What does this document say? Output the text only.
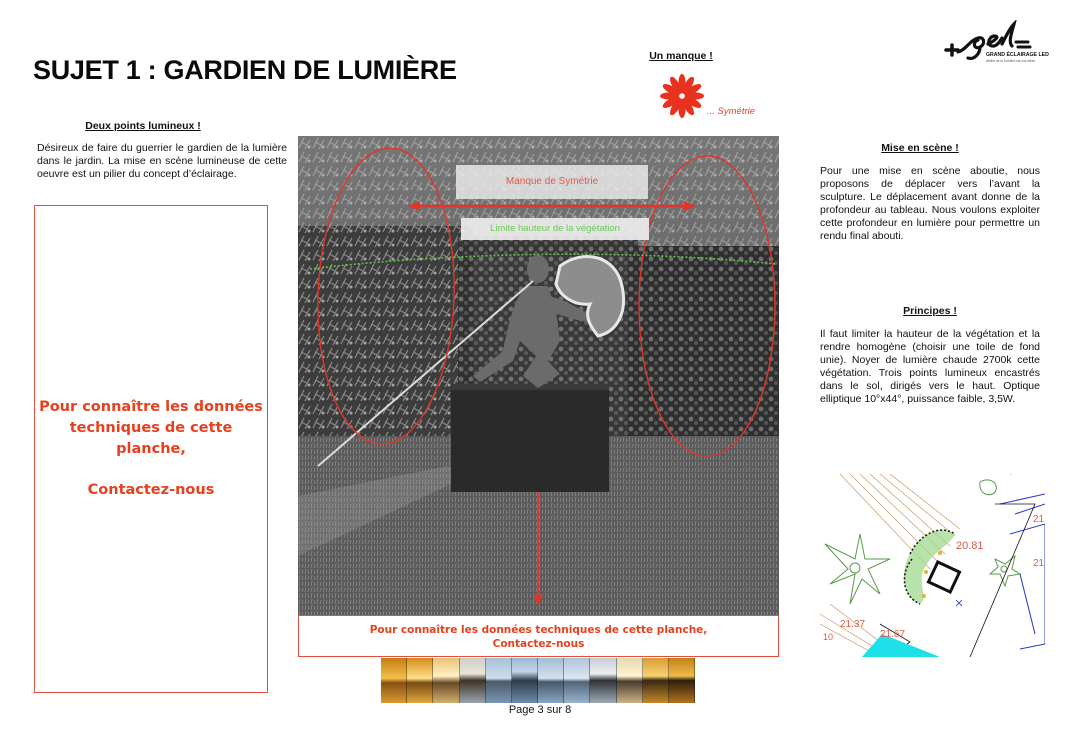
SUJET 1 : GARDIEN DE LUMIÈRE	GRAND ÉCLAIRAGE LED
Atelier de la Lumière sur vos Idées
Deux points lumineux !
Désireux de faire du guerrier le gardien de la lumière dans le jardin. La mise en scène lumineuse de cette oeuvre est un pilier du concept d’éclairage.
Pour connaître les données techniques de cette planche,
Contactez-nous
Un manque !
... Symétrie
Manque de Symétrie
Limite hauteur de la végétation
Pour connaître les données techniques de cette planche,
Contactez-nous
Page 3 sur 8
Mise en scène !
Pour une mise en scène aboutie, nous proposons de déplacer vers l’avant la sculpture. Le déplacement avant donne de la profondeur au tableau. Nous voulons exploiter cette profondeur en lumière pour permettre un rendu final abouti.
Principes !
Il faut limiter la hauteur de la végétation et la rendre homogène (choisir une toile de fond unie). Noyer de lumière chaude 2700k cette végétation. Trois points lumineux encastrés dans le sol, dirigés vers le haut. Optique elliptique 10°x44°, puissance faible, 3,5W.
20.81
21.37
21.67
10
21
21
